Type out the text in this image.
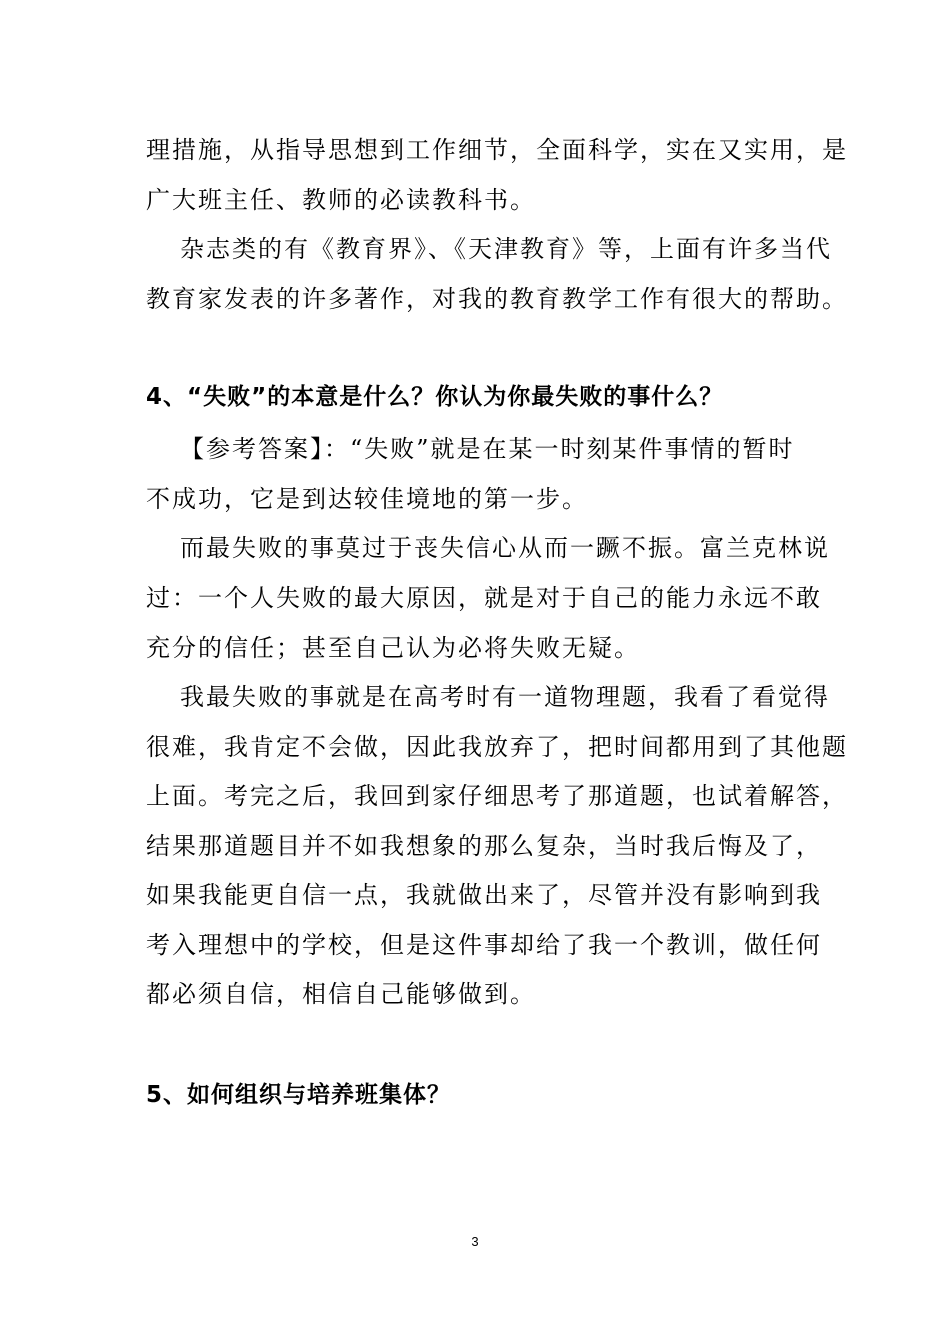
理措施，从指导思想到工作细节，全面科学，实在又实用，是
广大班主任、教师的必读教科书。
杂志类的有《教育界》、《天津教育》等，上面有许多当代
教育家发表的许多著作，对我的教育教学工作有很大的帮助。
4、“失败”的本意是什么？你认为你最失败的事什么？
【参考答案】：“失败”就是在某一时刻某件事情的暂时
不成功，它是到达较佳境地的第一步。
而最失败的事莫过于丧失信心从而一蹶不振。富兰克林说
过：一个人失败的最大原因，就是对于自己的能力永远不敢
充分的信任；甚至自己认为必将失败无疑。
我最失败的事就是在高考时有一道物理题，我看了看觉得
很难，我肯定不会做，因此我放弃了，把时间都用到了其他题
上面。考完之后，我回到家仔细思考了那道题，也试着解答，
结果那道题目并不如我想象的那么复杂，当时我后悔及了，
如果我能更自信一点，我就做出来了，尽管并没有影响到我
考入理想中的学校，但是这件事却给了我一个教训，做任何
都必须自信，相信自己能够做到。
5、如何组织与培养班集体？
3
